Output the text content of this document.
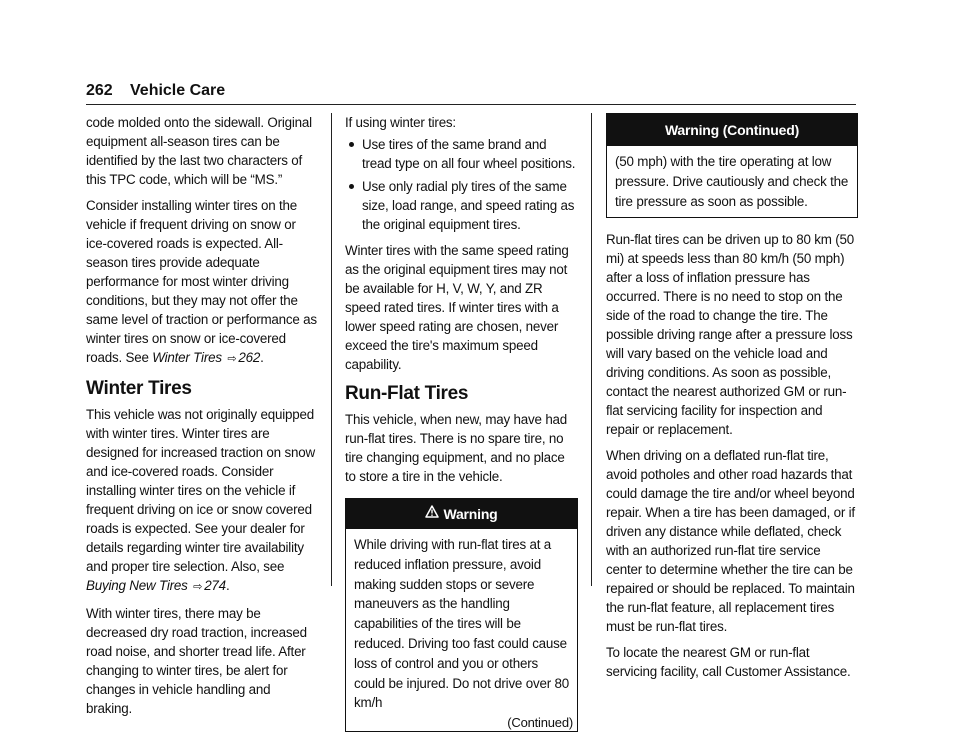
262 Vehicle Care

code molded onto the sidewall. Original equipment all-season tires can be identified by the last two characters of this TPC code, which will be “MS.”

Consider installing winter tires on the vehicle if frequent driving on snow or ice-covered roads is expected. All-season tires provide adequate performance for most winter driving conditions, but they may not offer the same level of traction or performance as winter tires on snow or ice-covered roads. See Winter Tires ⇨ 262.

Winter Tires

This vehicle was not originally equipped with winter tires. Winter tires are designed for increased traction on snow and ice-covered roads. Consider installing winter tires on the vehicle if frequent driving on ice or snow covered roads is expected. See your dealer for details regarding winter tire availability and proper tire selection. Also, see Buying New Tires ⇨ 274.

With winter tires, there may be decreased dry road traction, increased road noise, and shorter tread life. After changing to winter tires, be alert for changes in vehicle handling and braking.

If using winter tires:

Use tires of the same brand and tread type on all four wheel positions.
Use only radial ply tires of the same size, load range, and speed rating as the original equipment tires.

Winter tires with the same speed rating as the original equipment tires may not be available for H, V, W, Y, and ZR speed rated tires. If winter tires with a lower speed rating are chosen, never exceed the tire's maximum speed capability.

Run-Flat Tires

This vehicle, when new, may have had run-flat tires. There is no spare tire, no tire changing equipment, and no place to store a tire in the vehicle.

Warning
While driving with run-flat tires at a reduced inflation pressure, avoid making sudden stops or severe maneuvers as the handling capabilities of the tires will be reduced. Driving too fast could cause loss of control and you or others could be injured. Do not drive over 80 km/h
(Continued)
Warning (Continued)
(50 mph) with the tire operating at low pressure. Drive cautiously and check the tire pressure as soon as possible.

Run-flat tires can be driven up to 80 km (50 mi) at speeds less than 80 km/h (50 mph) after a loss of inflation pressure has occurred. There is no need to stop on the side of the road to change the tire. The possible driving range after a pressure loss will vary based on the vehicle load and driving conditions. As soon as possible, contact the nearest authorized GM or run-flat servicing facility for inspection and repair or replacement.

When driving on a deflated run-flat tire, avoid potholes and other road hazards that could damage the tire and/or wheel beyond repair. When a tire has been damaged, or if driven any distance while deflated, check with an authorized run-flat tire service center to determine whether the tire can be repaired or should be replaced. To maintain the run-flat feature, all replacement tires must be run-flat tires.

To locate the nearest GM or run-flat servicing facility, call Customer Assistance.
